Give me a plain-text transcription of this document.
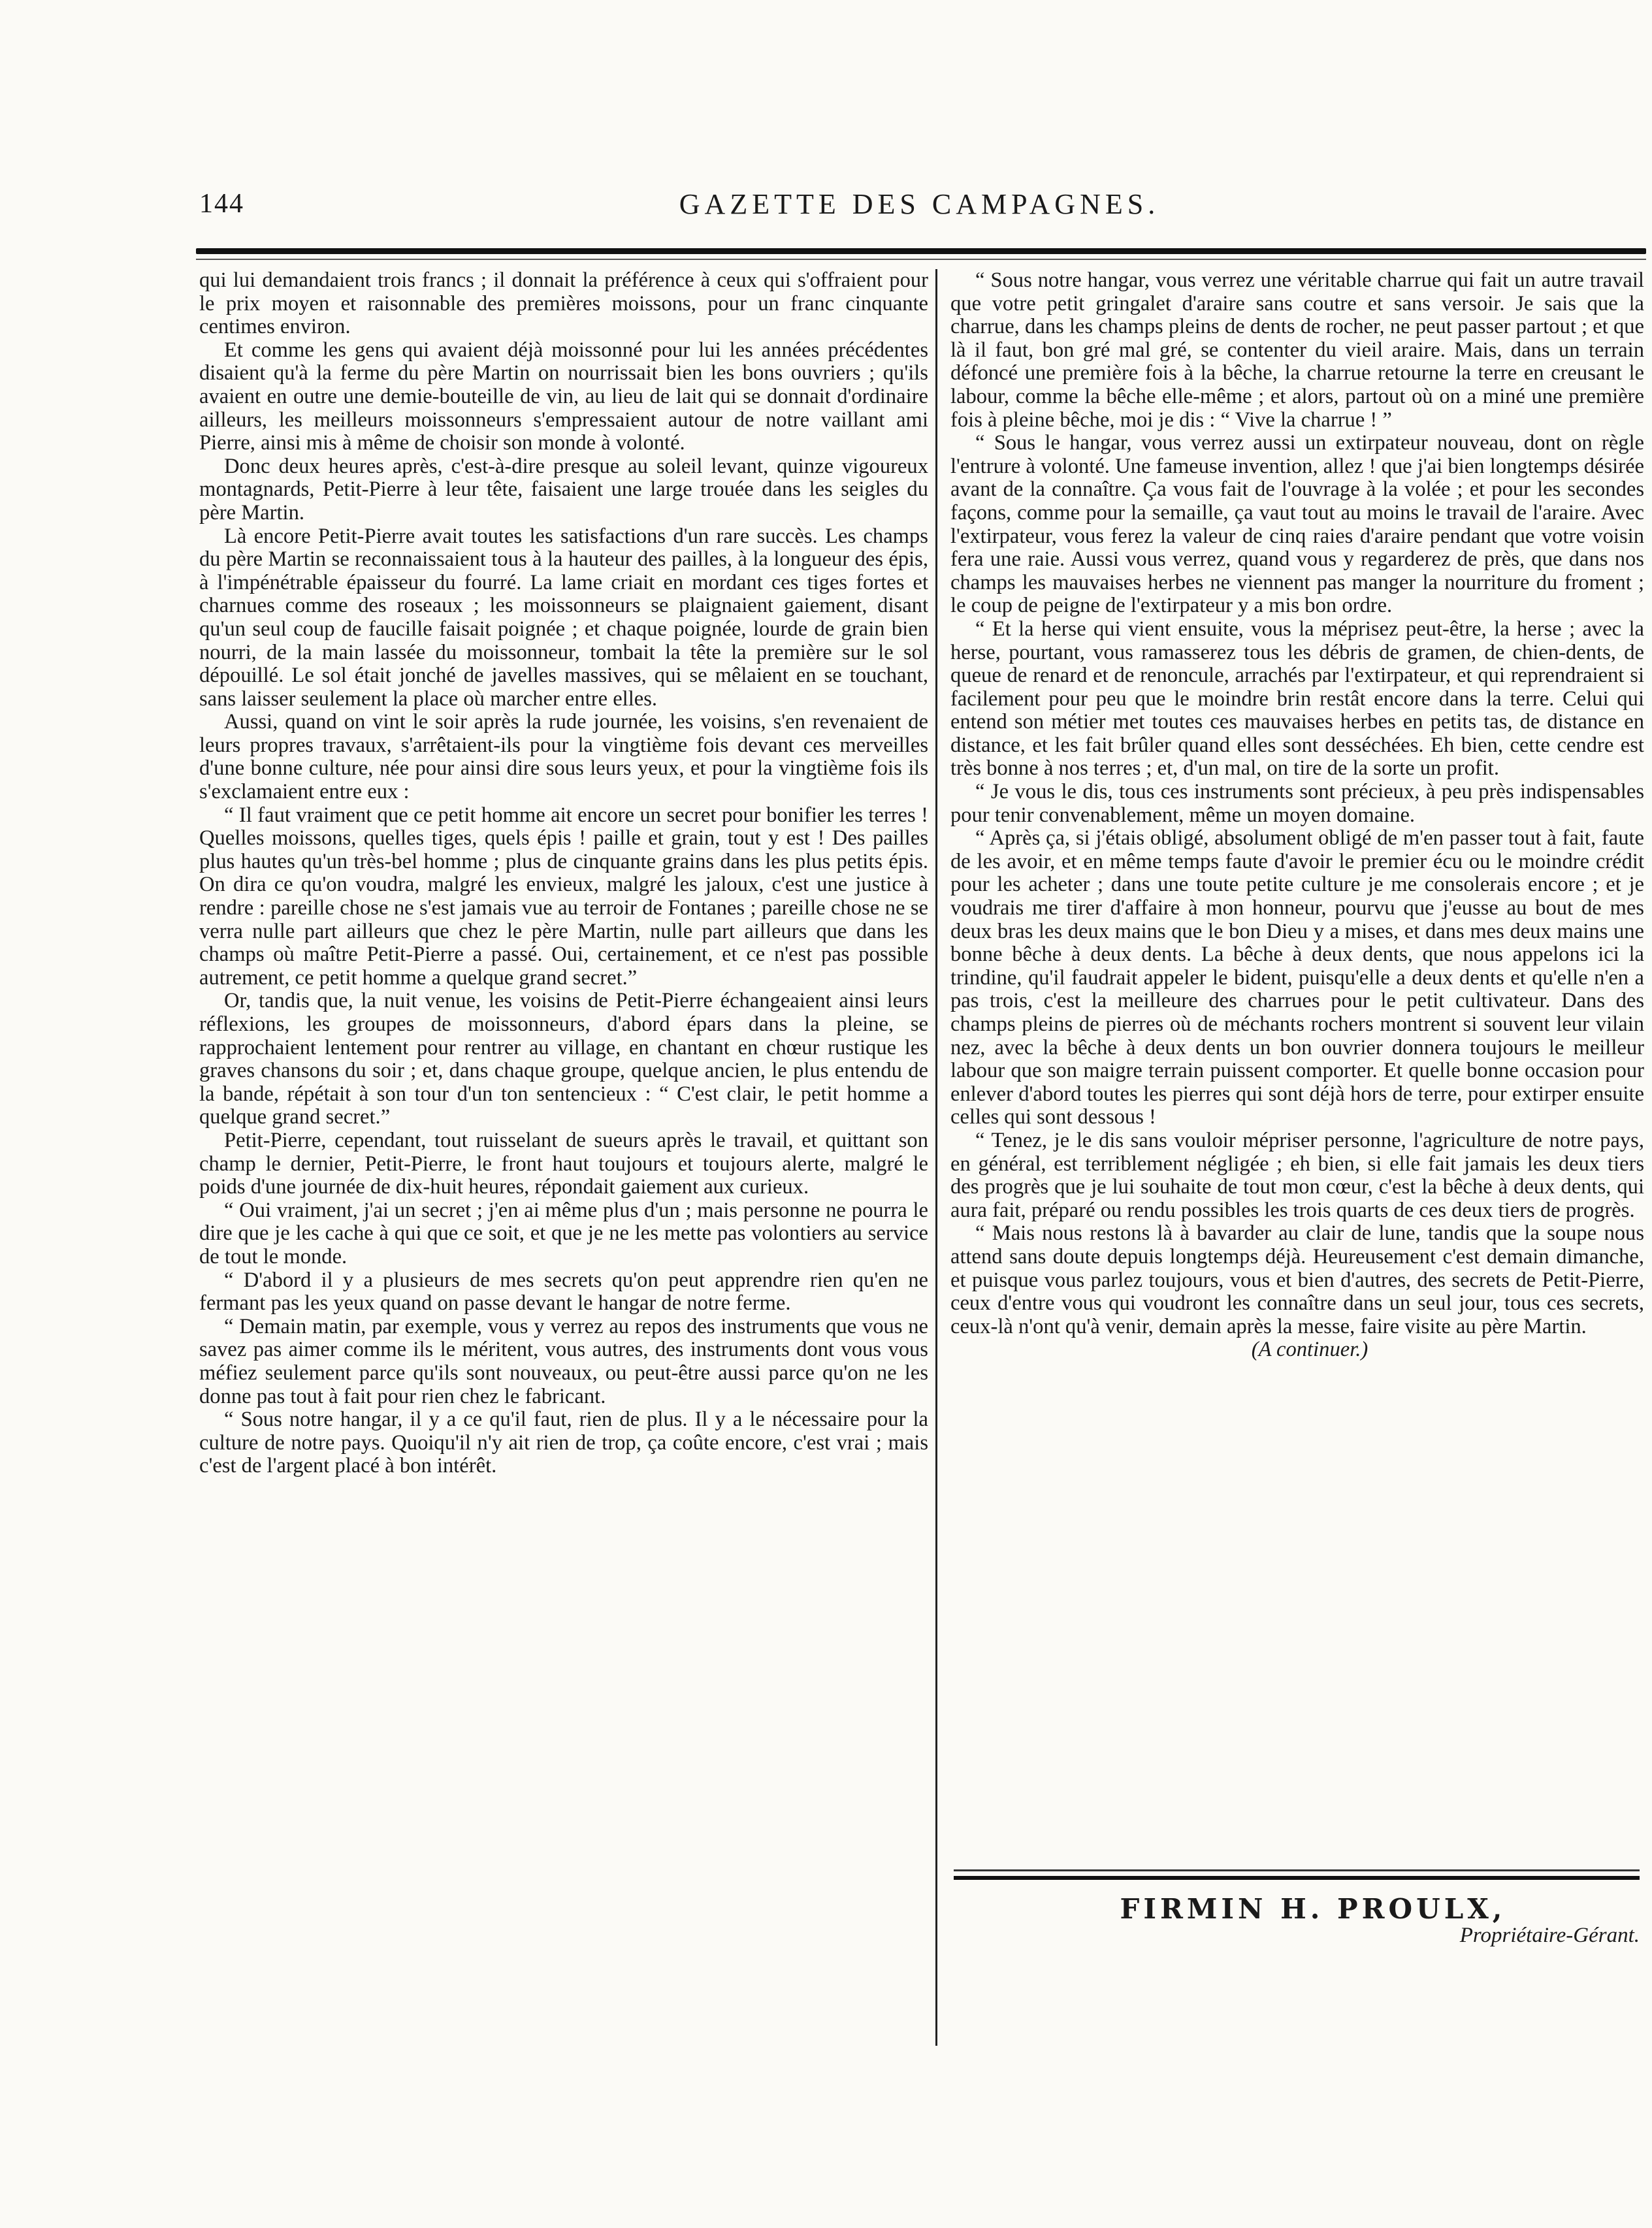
144	GAZETTE DES CAMPAGNES.

qui lui demandaient trois francs ; il donnait la préférence à ceux qui s'offraient pour le prix moyen et raisonnable des premières moissons, pour un franc cinquante centimes environ.

Et comme les gens qui avaient déjà moissonné pour lui les années précédentes disaient qu'à la ferme du père Martin on nourrissait bien les bons ouvriers ; qu'ils avaient en outre une demie-bouteille de vin, au lieu de lait qui se donnait d'ordinaire ailleurs, les meilleurs moissonneurs s'empressaient autour de notre vaillant ami Pierre, ainsi mis à même de choisir son monde à volonté.

Donc deux heures après, c'est-à-dire presque au soleil levant, quinze vigoureux montagnards, Petit-Pierre à leur tête, faisaient une large trouée dans les seigles du père Martin.

Là encore Petit-Pierre avait toutes les satisfactions d'un rare succès. Les champs du père Martin se reconnaissaient tous à la hauteur des pailles, à la longueur des épis, à l'impénétrable épaisseur du fourré. La lame criait en mordant ces tiges fortes et charnues comme des roseaux ; les moissonneurs se plaignaient gaiement, disant qu'un seul coup de faucille faisait poignée ; et chaque poignée, lourde de grain bien nourri, de la main lassée du moissonneur, tombait la tête la première sur le sol dépouillé. Le sol était jonché de javelles massives, qui se mêlaient en se touchant, sans laisser seulement la place où marcher entre elles.

Aussi, quand on vint le soir après la rude journée, les voisins, s'en revenaient de leurs propres travaux, s'arrêtaient-ils pour la vingtième fois devant ces merveilles d'une bonne culture, née pour ainsi dire sous leurs yeux, et pour la vingtième fois ils s'exclamaient entre eux :

“ Il faut vraiment que ce petit homme ait encore un secret pour bonifier les terres ! Quelles moissons, quelles tiges, quels épis ! paille et grain, tout y est ! Des pailles plus hautes qu'un très-bel homme ; plus de cinquante grains dans les plus petits épis. On dira ce qu'on voudra, malgré les envieux, malgré les jaloux, c'est une justice à rendre : pareille chose ne s'est jamais vue au terroir de Fontanes ; pareille chose ne se verra nulle part ailleurs que chez le père Martin, nulle part ailleurs que dans les champs où maître Petit-Pierre a passé. Oui, certainement, et ce n'est pas possible autrement, ce petit homme a quelque grand secret.”

Or, tandis que, la nuit venue, les voisins de Petit-Pierre échangeaient ainsi leurs réflexions, les groupes de moissonneurs, d'abord épars dans la pleine, se rapprochaient lentement pour rentrer au village, en chantant en chœur rustique les graves chansons du soir ; et, dans chaque groupe, quelque ancien, le plus entendu de la bande, répétait à son tour d'un ton sentencieux : “ C'est clair, le petit homme a quelque grand secret.”

Petit-Pierre, cependant, tout ruisselant de sueurs après le travail, et quittant son champ le dernier, Petit-Pierre, le front haut toujours et toujours alerte, malgré le poids d'une journée de dix-huit heures, répondait gaiement aux curieux.

“ Oui vraiment, j'ai un secret ; j'en ai même plus d'un ; mais personne ne pourra le dire que je les cache à qui que ce soit, et que je ne les mette pas volontiers au service de tout le monde.

“ D'abord il y a plusieurs de mes secrets qu'on peut apprendre rien qu'en ne fermant pas les yeux quand on passe devant le hangar de notre ferme.

“ Demain matin, par exemple, vous y verrez au repos des instruments que vous ne savez pas aimer comme ils le méritent, vous autres, des instruments dont vous vous méfiez seulement parce qu'ils sont nouveaux, ou peut-être aussi parce qu'on ne les donne pas tout à fait pour rien chez le fabricant.

“ Sous notre hangar, il y a ce qu'il faut, rien de plus. Il y a le nécessaire pour la culture de notre pays. Quoiqu'il n'y ait rien de trop, ça coûte encore, c'est vrai ; mais c'est de l'argent placé à bon intérêt.

“ Sous notre hangar, vous verrez une véritable charrue qui fait un autre travail que votre petit gringalet d'araire sans coutre et sans versoir. Je sais que la charrue, dans les champs pleins de dents de rocher, ne peut passer partout ; et que là il faut, bon gré mal gré, se contenter du vieil araire. Mais, dans un terrain défoncé une première fois à la bêche, la charrue retourne la terre en creusant le labour, comme la bêche elle-même ; et alors, partout où on a miné une première fois à pleine bêche, moi je dis : “ Vive la charrue ! ”

“ Sous le hangar, vous verrez aussi un extirpateur nouveau, dont on règle l'entrure à volonté. Une fameuse invention, allez ! que j'ai bien longtemps désirée avant de la connaître. Ça vous fait de l'ouvrage à la volée ; et pour les secondes façons, comme pour la semaille, ça vaut tout au moins le travail de l'araire. Avec l'extirpateur, vous ferez la valeur de cinq raies d'araire pendant que votre voisin fera une raie. Aussi vous verrez, quand vous y regarderez de près, que dans nos champs les mauvaises herbes ne viennent pas manger la nourriture du froment ; le coup de peigne de l'extirpateur y a mis bon ordre.

“ Et la herse qui vient ensuite, vous la méprisez peut-être, la herse ; avec la herse, pourtant, vous ramasserez tous les débris de gramen, de chien-dents, de queue de renard et de renoncule, arrachés par l'extirpateur, et qui reprendraient si facilement pour peu que le moindre brin restât encore dans la terre. Celui qui entend son métier met toutes ces mauvaises herbes en petits tas, de distance en distance, et les fait brûler quand elles sont desséchées. Eh bien, cette cendre est très bonne à nos terres ; et, d'un mal, on tire de la sorte un profit.

“ Je vous le dis, tous ces instruments sont précieux, à peu près indispensables pour tenir convenablement, même un moyen domaine.

“ Après ça, si j'étais obligé, absolument obligé de m'en passer tout à fait, faute de les avoir, et en même temps faute d'avoir le premier écu ou le moindre crédit pour les acheter ; dans une toute petite culture je me consolerais encore ; et je voudrais me tirer d'affaire à mon honneur, pourvu que j'eusse au bout de mes deux bras les deux mains que le bon Dieu y a mises, et dans mes deux mains une bonne bêche à deux dents. La bêche à deux dents, que nous appelons ici la trindine, qu'il faudrait appeler le bident, puisqu'elle a deux dents et qu'elle n'en a pas trois, c'est la meilleure des charrues pour le petit cultivateur. Dans des champs pleins de pierres où de méchants rochers montrent si souvent leur vilain nez, avec la bêche à deux dents un bon ouvrier donnera toujours le meilleur labour que son maigre terrain puissent comporter. Et quelle bonne occasion pour enlever d'abord toutes les pierres qui sont déjà hors de terre, pour extirper ensuite celles qui sont dessous !

“ Tenez, je le dis sans vouloir mépriser personne, l'agriculture de notre pays, en général, est terriblement négligée ; eh bien, si elle fait jamais les deux tiers des progrès que je lui souhaite de tout mon cœur, c'est la bêche à deux dents, qui aura fait, préparé ou rendu possibles les trois quarts de ces deux tiers de progrès.

“ Mais nous restons là à bavarder au clair de lune, tandis que la soupe nous attend sans doute depuis longtemps déjà. Heureusement c'est demain dimanche, et puisque vous parlez toujours, vous et bien d'autres, des secrets de Petit-Pierre, ceux d'entre vous qui voudront les connaître dans un seul jour, tous ces secrets, ceux-là n'ont qu'à venir, demain après la messe, faire visite au père Martin.

(A continuer.)

FIRMIN H. PROULX,
Propriétaire-Gérant.
